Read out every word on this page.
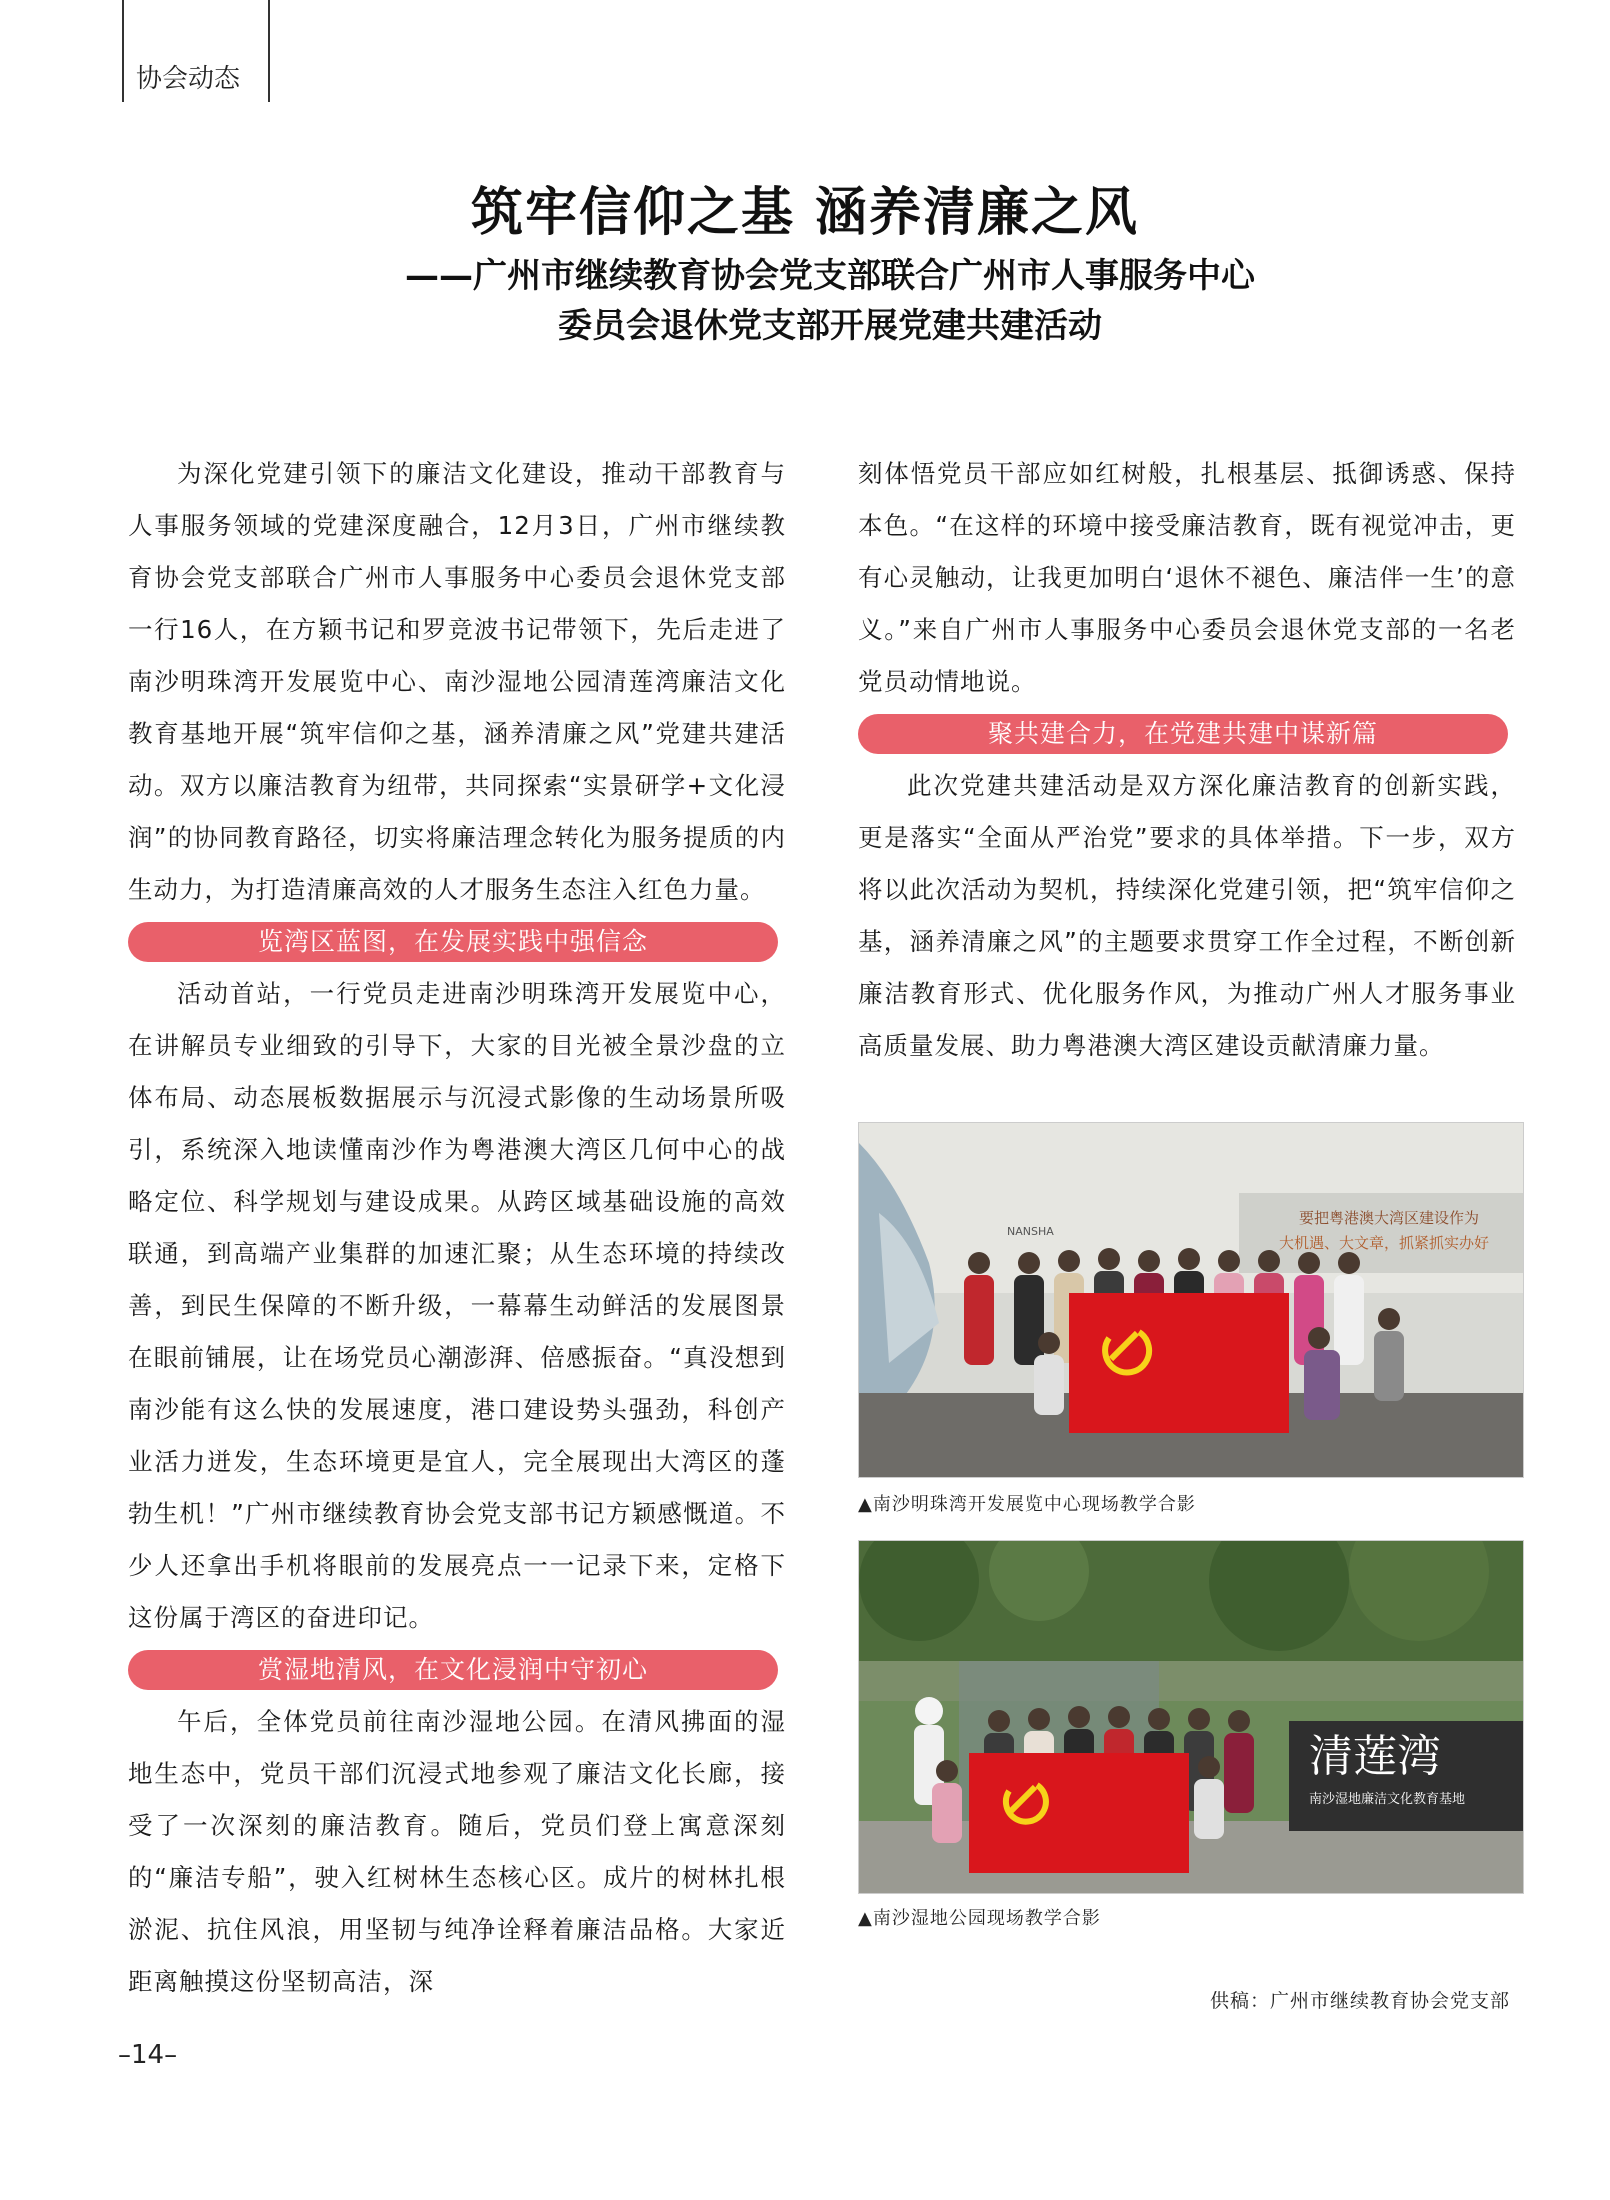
协会动态
筑牢信仰之基 涵养清廉之风
——广州市继续教育协会党支部联合广州市人事服务中心
委员会退休党支部开展党建共建活动

为深化党建引领下的廉洁文化建设，推动干部教育与人事服务领域的党建深度融合，12月3日，广州市继续教育协会党支部联合广州市人事服务中心委员会退休党支部一行16人，在方颖书记和罗竞波书记带领下，先后走进了南沙明珠湾开发展览中心、南沙湿地公园清莲湾廉洁文化教育基地开展“筑牢信仰之基，涵养清廉之风”党建共建活动。双方以廉洁教育为纽带，共同探索“实景研学+文化浸润”的协同教育路径，切实将廉洁理念转化为服务提质的内生动力，为打造清廉高效的人才服务生态注入红色力量。

览湾区蓝图，在发展实践中强信念

活动首站，一行党员走进南沙明珠湾开发展览中心，在讲解员专业细致的引导下，大家的目光被全景沙盘的立体布局、动态展板数据展示与沉浸式影像的生动场景所吸引，系统深入地读懂南沙作为粤港澳大湾区几何中心的战略定位、科学规划与建设成果。从跨区域基础设施的高效联通，到高端产业集群的加速汇聚；从生态环境的持续改善，到民生保障的不断升级，一幕幕生动鲜活的发展图景在眼前铺展，让在场党员心潮澎湃、倍感振奋。“真没想到南沙能有这么快的发展速度，港口建设势头强劲，科创产业活力迸发，生态环境更是宜人，完全展现出大湾区的蓬勃生机！”广州市继续教育协会党支部书记方颖感慨道。不少人还拿出手机将眼前的发展亮点一一记录下来，定格下这份属于湾区的奋进印记。

赏湿地清风，在文化浸润中守初心

午后，全体党员前往南沙湿地公园。在清风拂面的湿地生态中，党员干部们沉浸式地参观了廉洁文化长廊，接受了一次深刻的廉洁教育。随后，党员们登上寓意深刻的“廉洁专船”，驶入红树林生态核心区。成片的树林扎根淤泥、抗住风浪，用坚韧与纯净诠释着廉洁品格。大家近距离触摸这份坚韧高洁，深

刻体悟党员干部应如红树般，扎根基层、抵御诱惑、保持本色。“在这样的环境中接受廉洁教育，既有视觉冲击，更有心灵触动，让我更加明白‘退休不褪色、廉洁伴一生’的意义。”来自广州市人事服务中心委员会退休党支部的一名老党员动情地说。

聚共建合力，在党建共建中谋新篇

此次党建共建活动是双方深化廉洁教育的创新实践，更是落实“全面从严治党”要求的具体举措。下一步，双方将以此次活动为契机，持续深化党建引领，把“筑牢信仰之基，涵养清廉之风”的主题要求贯穿工作全过程，不断创新廉洁教育形式、优化服务作风，为推动广州人才服务事业高质量发展、助力粤港澳大湾区建设贡献清廉力量。

要把粤港澳大湾区建设作为
大机遇、大文章，抓紧抓实办好
NANSHA
▲南沙明珠湾开发展览中心现场教学合影
清莲湾
南沙湿地廉洁文化教育基地
▲南沙湿地公园现场教学合影
供稿：广州市继续教育协会党支部
–14–
